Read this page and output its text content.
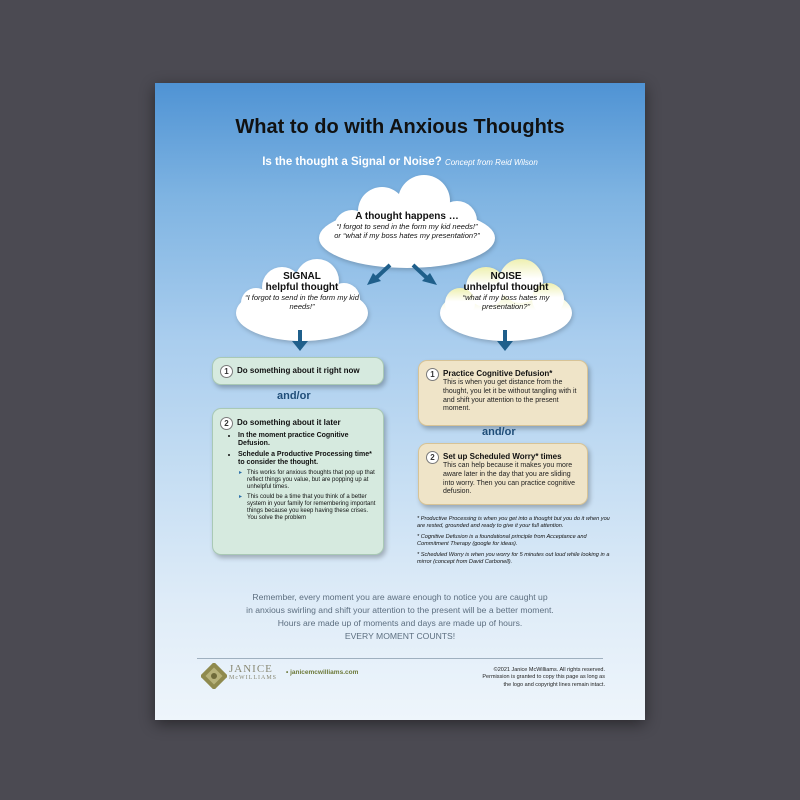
What to do with Anxious Thoughts
Is the thought a Signal or Noise? Concept from Reid Wilson
A thought happens …
“I forgot to send in the form my kid needs!”
or “what if my boss hates my presentation?”
SIGNAL
helpful thought
“I forgot to send in the form my kid needs!”
NOISE
unhelpful thought
“what if my boss hates my presentation?”
1	Do something about it right now
and/or
2	Do something about it later
• In the moment practice Cognitive Defusion.
• Schedule a Productive Processing time* to consider the thought.
▸ This works for anxious thoughts that pop up that reflect things you value, but are popping up at unhelpful times.
▸ This could be a time that you think of a better system in your family for remembering important things because you keep having these crises. You solve the problem
1	Practice Cognitive Defusion*
This is when you get distance from the thought, you let it be without tangling with it and shift your attention to the present moment.
and/or
2	Set up Scheduled Worry* times
This can help because it makes you more aware later in the day that you are sliding into worry. Then you can practice cognitive defusion.

* Productive Processing is when you get into a thought but you do it when you are rested, grounded and ready to give it your full attention.

* Cognitive Defusion is a foundational principle from Acceptance and Commitment Therapy (google for ideas).

* Scheduled Worry is when you worry for 5 minutes out loud while looking in a mirror (concept from David Carbonell).

Remember, every moment you are aware enough to notice you are caught up
in anxious swirling and shift your attention to the present will be a better moment.
Hours are made up of moments and days are made up of hours.
EVERY MOMENT COUNTS!
JANICE
McWILLIAMS
• janicemcwilliams.com	©2021 Janice McWilliams. All rights reserved.
Permission is granted to copy this page as long as
the logo and copyright lines remain intact.
